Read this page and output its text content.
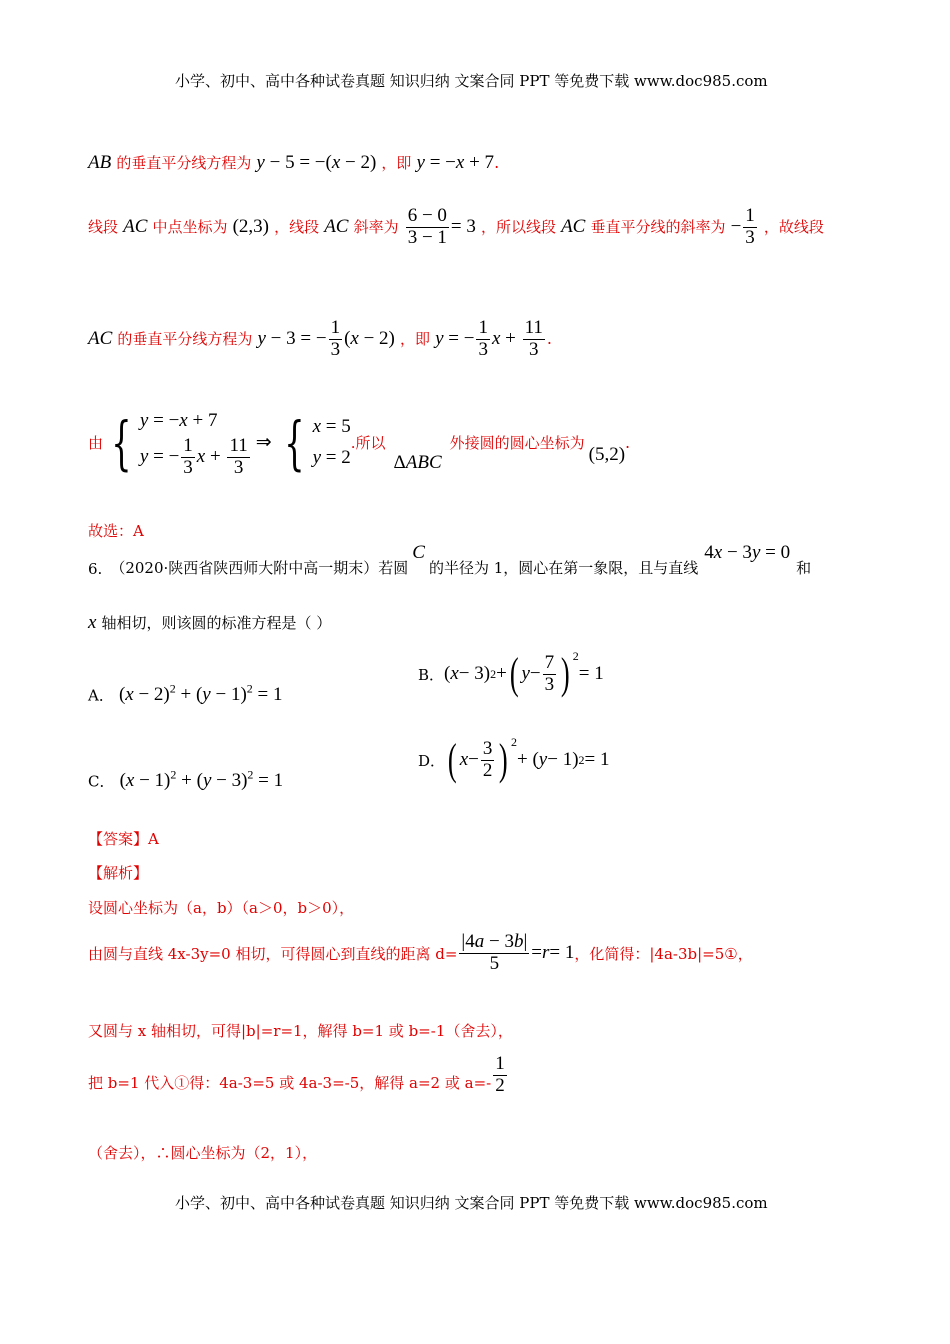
小学、初中、高中各种试卷真题 知识归纳 文案合同 PPT 等免费下载 www.doc985.com
AB 的垂直平分线方程为 y − 5 = −(x − 2) ，即 y = −x + 7.
线段 AC 中点坐标为 (2,3) ，线段 AC 斜率为 $\frac{6 - 0}{3 - 1} = 3$ ，所以线段 AC 垂直平分线的斜率为 − $\frac{1}{3}$ ，故线段
AC 的垂直平分线方程为 y − 3 = − $\frac{1}{3} (x - 2)$ ，即 y = − $\frac{1}{3}$ $x + \frac{11}{3}$ .
由 { y = −x + 7
y = − $\frac{1}{3}$ $x + \frac{11}{3}$ ⇒ { x = 5
y = 2
.所以
ΔABC
外接圆的圆心坐标为
(5,2)
.
故选：A
6. （2020·陕西省陕西师大附中高一期末）若圆
C
的半径为 1，圆心在第一象限，且与直线
4x − 3y = 0
和
x 轴相切，则该圆的标准方程是（ ）
A． $(x - 2)^2 + (y - 1)^2 = 1$
B． ( x − 3) 2 + ( $y - \frac{7}{3} )^2$
= 1
C． $(x - 1)^2 + (y - 3)^2 = 1$
D． ( $x - \frac{3}{2} )^2$
+ ( y − 1) 2 = 1
【答案】A
【解析】
设圆心坐标为（a，b）（a＞0，b＞0），
由圆与直线 4x-3y=0 相切，可得圆心到直线的距离 $d= \frac{|4a - 3b|}{5} = r = 1$ ，化简得：|4a-3b|=5①，
又圆与 x 轴相切，可得|b|=r=1，解得 b=1 或 b=-1（舍去），
把 b=1 代入①得：4a-3=5 或 4a-3=-5，解得 a=2 或 $a=- \frac{1}{2}$
（舍去），∴圆心坐标为（2，1），
小学、初中、高中各种试卷真题 知识归纳 文案合同 PPT 等免费下载 www.doc985.com
